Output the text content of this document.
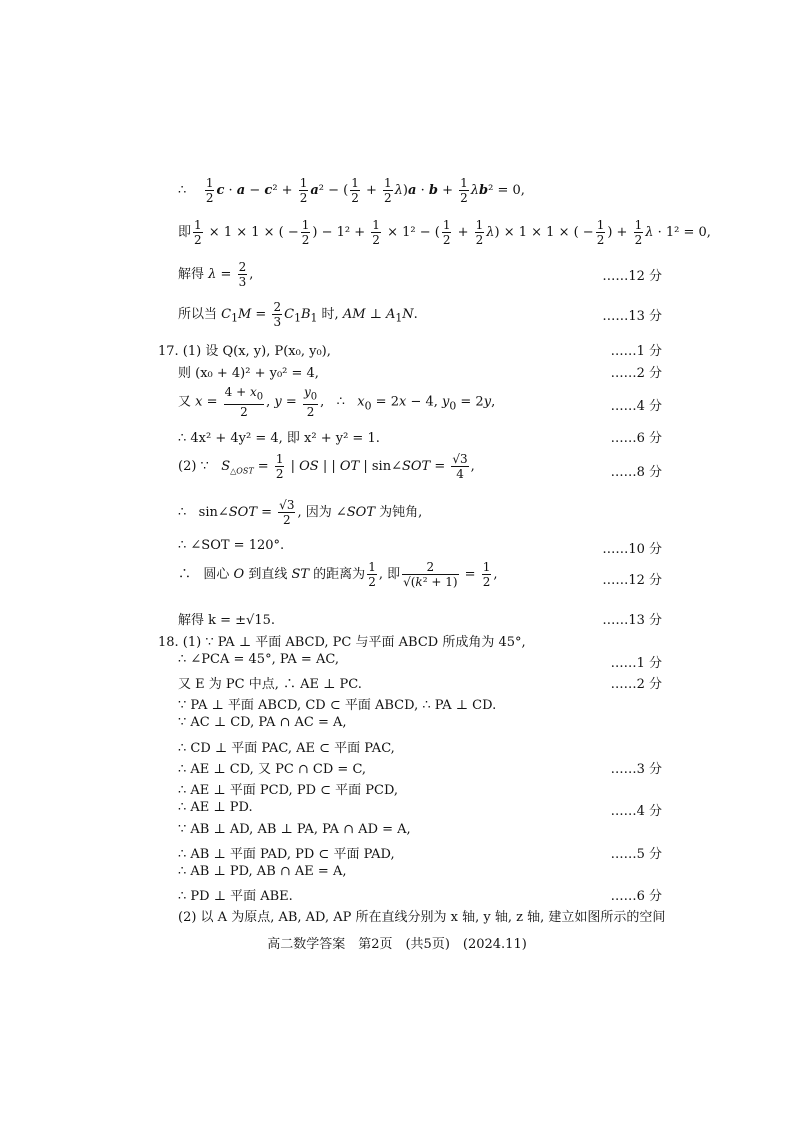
∴ $\frac{1}{2}$ $c \cdot a - c^2 + \frac{1}{2} a^2$ − ( $\frac{1}{2} + \frac{1}{2} \lambda)a \cdot b + \frac{1}{2} \lambda b^2 = 0$,
即 $\frac{1}{2} \times 1 \times 1$ × ( − $\frac{1}{2}$ ) − $1^2 + \frac{1}{2} \times 1^2$ − ( $\frac{1}{2} + \frac{1}{2} \lambda) \times 1 \times 1$ × ( − $\frac{1}{2}$ ) + $\frac{1}{2}$ λ · 1² = 0,
解得 $\lambda = \frac{2}{3}$ ,	……12 分
所以当 $C_1M = \frac{2}{3} C_1B_1$ 时, AM ⊥ $A_1N$.	……13 分
17. (1) 设 Q(x, y), P(x₀, y₀),	……1 分
则 (x₀ + 4)² + y₀² = 4,	……2 分
又 $x = \frac{4 + x_0}{2}$ , $y = \frac{y_0}{2}$ ,   ∴   $x_0 = 2x - 4$, $y_0 = 2y$,	……4 分
∴ 4x² + 4y² = 4, 即 x² + y² = 1.	……6 分
(2) ∵   $S_{\triangle OST} = \frac{1}{2}$ | OS | | OT | sin∠SOT = $\frac{√3}{4}$ ,	……8 分
∴   sin∠SOT = $\frac{√3}{2}$ , 因为 ∠SOT 为钝角,
∴ ∠SOT = 120°.	……10 分
∴   圆心 O 到直线 ST 的距离为 $\frac{1}{2}$ , 即 $\frac{2}{\text{√(k² + 1)}} = \frac{1}{2}$ ,	……12 分
解得 k = ±√15.	……13 分
18. (1) ∵ PA ⊥ 平面 ABCD, PC 与平面 ABCD 所成角为 45°,
∴ ∠PCA = 45°, PA = AC,	……1 分
又 E 为 PC 中点, ∴ AE ⊥ PC.	……2 分
∵ PA ⊥ 平面 ABCD, CD ⊂ 平面 ABCD, ∴ PA ⊥ CD.
∵ AC ⊥ CD, PA ∩ AC = A,
∴ CD ⊥ 平面 PAC, AE ⊂ 平面 PAC,
∴ AE ⊥ CD, 又 PC ∩ CD = C,	……3 分
∴ AE ⊥ 平面 PCD, PD ⊂ 平面 PCD,
∴ AE ⊥ PD.	……4 分
∵ AB ⊥ AD, AB ⊥ PA, PA ∩ AD = A,
∴ AB ⊥ 平面 PAD, PD ⊂ 平面 PAD,	……5 分
∴ AB ⊥ PD, AB ∩ AE = A,
∴ PD ⊥ 平面 ABE.	……6 分
(2) 以 A 为原点, AB, AD, AP 所在直线分别为 x 轴, y 轴, z 轴, 建立如图所示的空间
高二数学答案　第2页　(共5页)　(2024.11)
